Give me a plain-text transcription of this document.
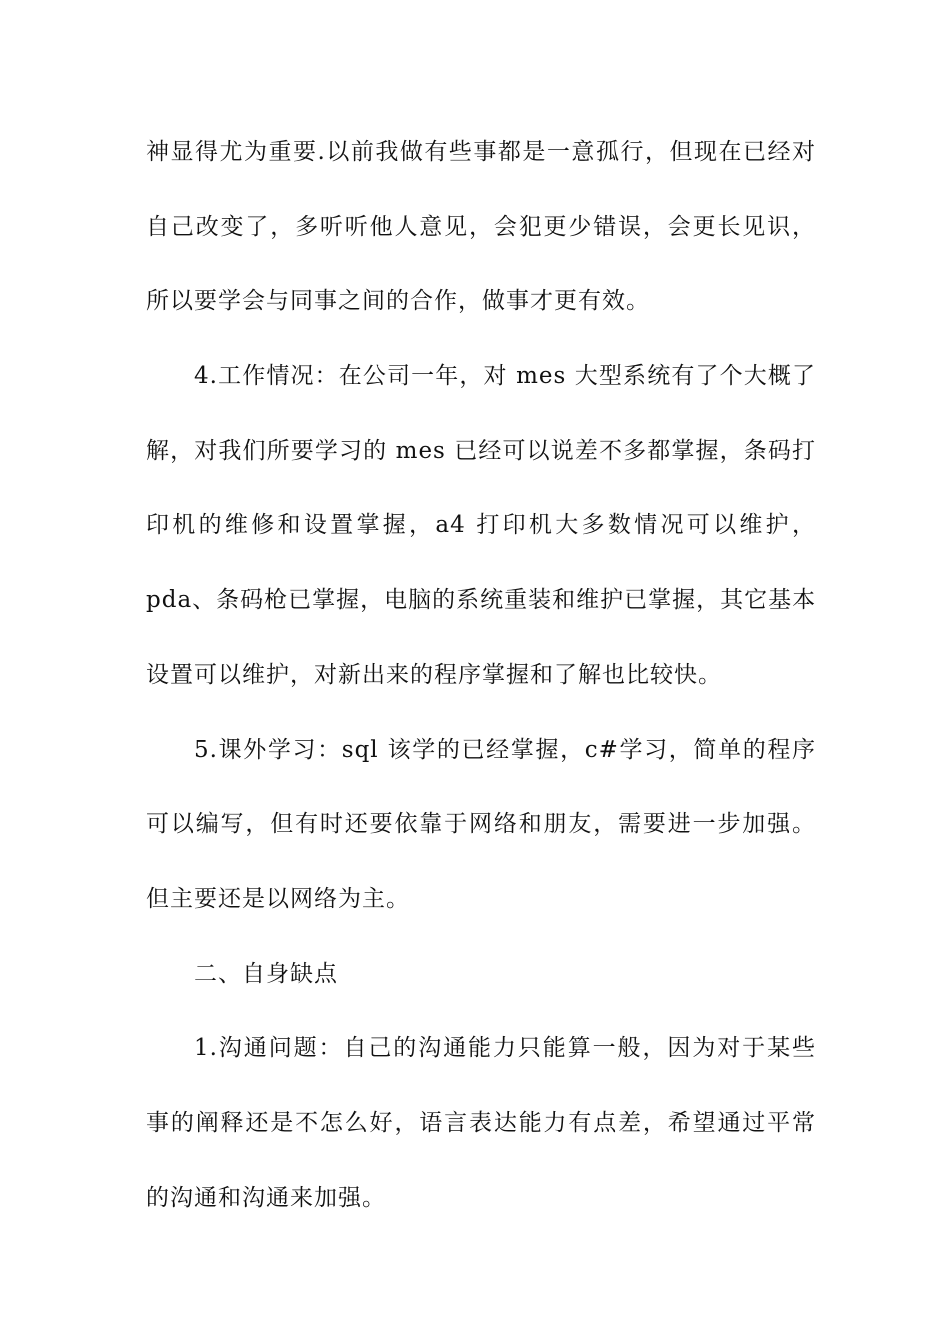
神显得尤为重要.以前我做有些事都是一意孤行，但现在已经对
自己改变了，多听听他人意见，会犯更少错误，会更长见识，
所以要学会与同事之间的合作，做事才更有效。
4.工作情况：在公司一年，对 mes 大型系统有了个大概了
解，对我们所要学习的 mes 已经可以说差不多都掌握，条码打
印机的维修和设置掌握，a4 打印机大多数情况可以维护，
pda、条码枪已掌握，电脑的系统重装和维护已掌握，其它基本
设置可以维护，对新出来的程序掌握和了解也比较快。
5.课外学习：sql 该学的已经掌握，c#学习，简单的程序
可以编写，但有时还要依靠于网络和朋友，需要进一步加强。
但主要还是以网络为主。
二、自身缺点
1.沟通问题：自己的沟通能力只能算一般，因为对于某些
事的阐释还是不怎么好，语言表达能力有点差，希望通过平常
的沟通和沟通来加强。
